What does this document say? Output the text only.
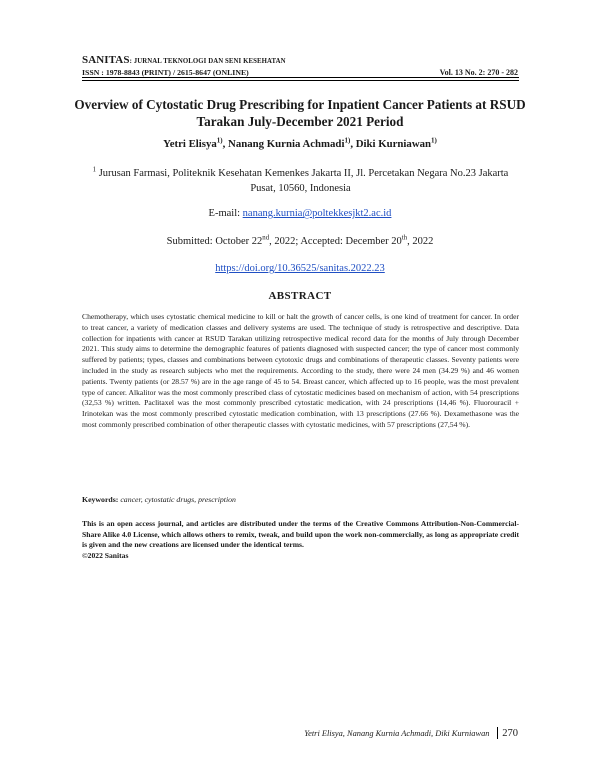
SANITAS: JURNAL TEKNOLOGI DAN SENI KESEHATAN
ISSN : 1978-8843 (PRINT) / 2615-8647 (ONLINE)	Vol. 13 No. 2: 270 - 282
Overview of Cytostatic Drug Prescribing for Inpatient Cancer Patients at RSUD Tarakan July-December 2021 Period
Yetri Elisya$^{1)}$, Nanang Kurnia Achmadi$^{1)}$, Diki Kurniawan$^{1)}$
$^1$ Jurusan Farmasi, Politeknik Kesehatan Kemenkes Jakarta II, Jl. Percetakan Negara No.23 Jakarta Pusat, 10560, Indonesia
E-mail: nanang.kurnia@poltekkesjkt2.ac.id
Submitted: October 22nd, 2022; Accepted: December 20th, 2022
https://doi.org/10.36525/sanitas.2022.23
ABSTRACT
Chemotherapy, which uses cytostatic chemical medicine to kill or halt the growth of cancer cells, is one kind of treatment for cancer. In order to treat cancer, a variety of medication classes and delivery systems are used. The technique of study is retrospective and descriptive. Data collection for inpatients with cancer at RSUD Tarakan utilizing retrospective medical record data for the months of July through December 2021. This study aims to determine the demographic features of patients diagnosed with suspected cancer; the type of cancer most commonly suffered by patients; types, classes and combinations between cytotoxic drugs and combinations of therapeutic classes. Seventy patients were included in the study as research subjects who met the requirements. According to the study, there were 24 men (34.29 %) and 46 women patients. Twenty patients (or 28.57 %) are in the age range of 45 to 54. Breast cancer, which affected up to 16 people, was the most prevalent type of cancer. Alkalitor was the most commonly prescribed class of cytostatic medicines based on mechanism of action, with 54 prescriptions (32,53 %) written. Paclitaxel was the most commonly prescribed cytostatic medication, with 24 prescriptions (14,46 %). Fluorouracil + Irinotekan was the most commonly prescribed cytostatic medication combination, with 13 prescriptions (27.66 %). Dexamethasone was the most commonly prescribed combination of other therapeutic classes with cytostatic medicines, with 57 prescriptions (27,54 %).
Keywords: cancer, cytostatic drugs, prescription
This is an open access journal, and articles are distributed under the terms of the Creative Commons Attribution-Non-Commercial-Share Alike 4.0 License, which allows others to remix, tweak, and build upon the work non-commercially, as long as appropriate credit is given and the new creations are licensed under the identical terms.
©2022 Sanitas
Yetri Elisya, Nanang Kurnia Achmadi, Diki Kurniawan 270
